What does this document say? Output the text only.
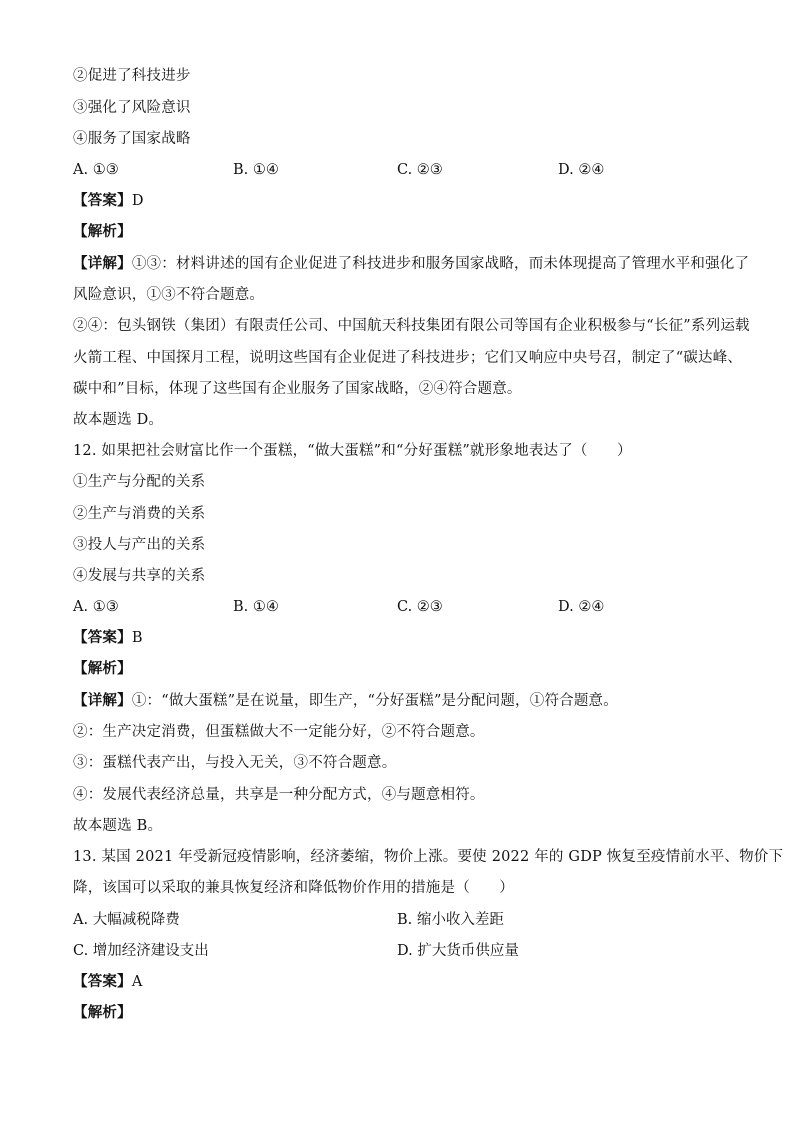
②促进了科技进步
③强化了风险意识
④服务了国家战略
A. ①③	B. ①④	C. ②③	D. ②④
【答案】D
【解析】
【详解】①③：材料讲述的国有企业促进了科技进步和服务国家战略，而未体现提高了管理水平和强化了
风险意识，①③不符合题意。
②④：包头钢铁（集团）有限责任公司、中国航天科技集团有限公司等国有企业积极参与“长征”系列运载
火箭工程、中国探月工程，说明这些国有企业促进了科技进步；它们又响应中央号召，制定了“碳达峰、
碳中和”目标，体现了这些国有企业服务了国家战略，②④符合题意。
故本题选 D。
12. 如果把社会财富比作一个蛋糕，“做大蛋糕”和“分好蛋糕”就形象地表达了（　　）
①生产与分配的关系
②生产与消费的关系
③投人与产出的关系
④发展与共享的关系
A. ①③	B. ①④	C. ②③	D. ②④
【答案】B
【解析】
【详解】①：“做大蛋糕”是在说量，即生产，“分好蛋糕”是分配问题，①符合题意。
②：生产决定消费，但蛋糕做大不一定能分好，②不符合题意。
③：蛋糕代表产出，与投入无关，③不符合题意。
④：发展代表经济总量，共享是一种分配方式，④与题意相符。
故本题选 B。
13. 某国 2021 年受新冠疫情影响，经济萎缩，物价上涨。要使 2022 年的 GDP 恢复至疫情前水平、物价下
降，该国可以采取的兼具恢复经济和降低物价作用的措施是（　　）
A. 大幅减税降费	B. 缩小收入差距
C. 增加经济建设支出	D. 扩大货币供应量
【答案】A
【解析】
